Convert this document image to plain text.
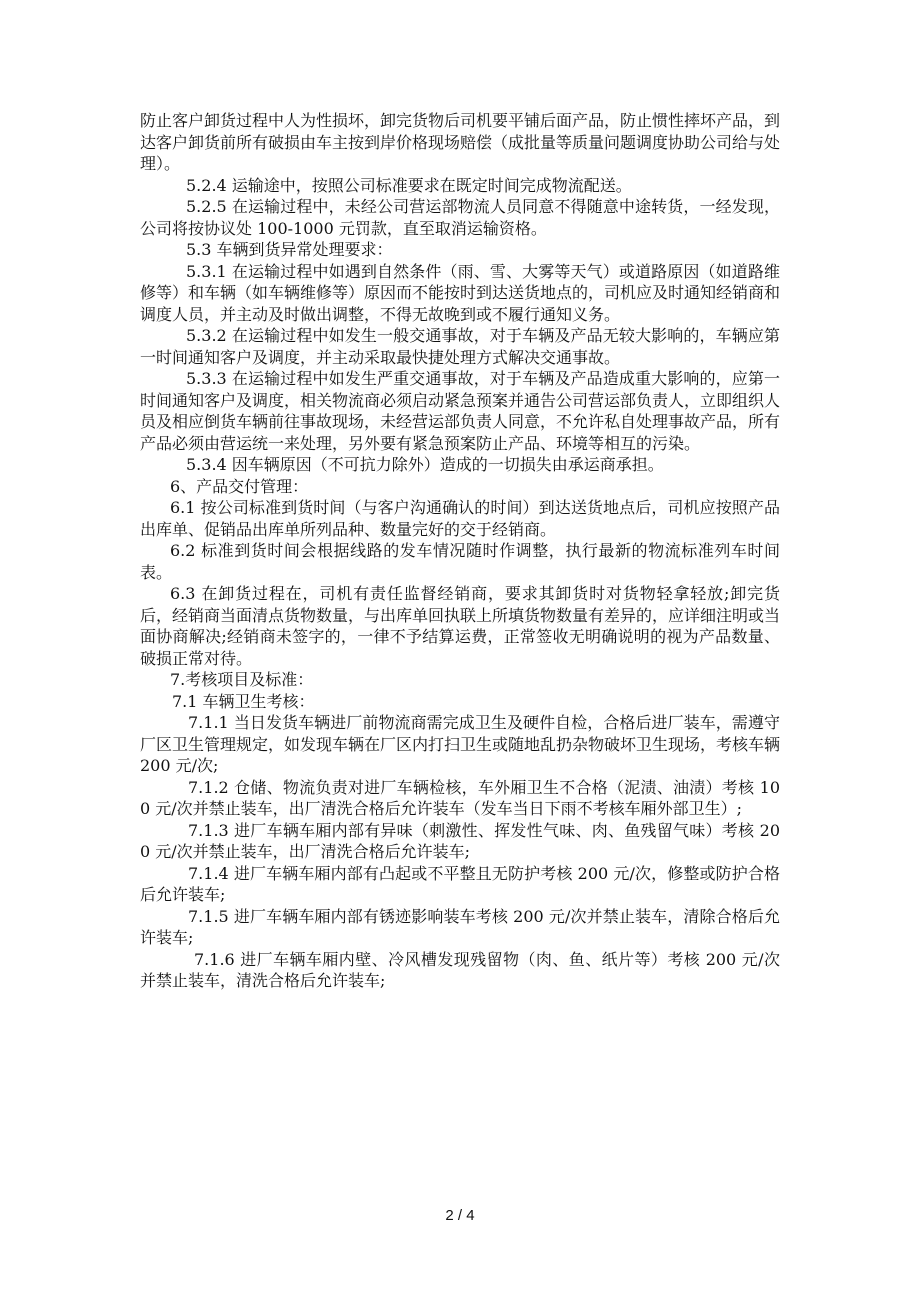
防止客户卸货过程中人为性损坏，卸完货物后司机要平铺后面产品，防止惯性摔坏产品，到达客户卸货前所有破损由车主按到岸价格现场赔偿（成批量等质量问题调度协助公司给与处理）。

5.2.4 运输途中，按照公司标准要求在既定时间完成物流配送。

5.2.5 在运输过程中，未经公司营运部物流人员同意不得随意中途转货，一经发现，公司将按协议处 100-1000 元罚款，直至取消运输资格。

5.3 车辆到货异常处理要求：

5.3.1 在运输过程中如遇到自然条件（雨、雪、大雾等天气）或道路原因（如道路维修等）和车辆（如车辆维修等）原因而不能按时到达送货地点的，司机应及时通知经销商和调度人员，并主动及时做出调整，不得无故晚到或不履行通知义务。

5.3.2 在运输过程中如发生一般交通事故，对于车辆及产品无较大影响的，车辆应第一时间通知客户及调度，并主动采取最快捷处理方式解决交通事故。

5.3.3 在运输过程中如发生严重交通事故，对于车辆及产品造成重大影响的，应第一时间通知客户及调度，相关物流商必须启动紧急预案并通告公司营运部负责人，立即组织人员及相应倒货车辆前往事故现场，未经营运部负责人同意，不允许私自处理事故产品，所有产品必须由营运统一来处理，另外要有紧急预案防止产品、环境等相互的污染。

5.3.4 因车辆原因（不可抗力除外）造成的一切损失由承运商承担。

6、产品交付管理：

6.1 按公司标准到货时间（与客户沟通确认的时间）到达送货地点后，司机应按照产品出库单、促销品出库单所列品种、数量完好的交于经销商。

6.2 标准到货时间会根据线路的发车情况随时作调整，执行最新的物流标准列车时间表。

6.3 在卸货过程在，司机有责任监督经销商，要求其卸货时对货物轻拿轻放;卸完货后，经销商当面清点货物数量，与出库单回执联上所填货物数量有差异的，应详细注明或当面协商解决;经销商未签字的，一律不予结算运费，正常签收无明确说明的视为产品数量、破损正常对待。

7.考核项目及标准：

7.1 车辆卫生考核：

7.1.1 当日发货车辆进厂前物流商需完成卫生及硬件自检，合格后进厂装车，需遵守厂区卫生管理规定，如发现车辆在厂区内打扫卫生或随地乱扔杂物破坏卫生现场，考核车辆 200 元/次;

7.1.2 仓储、物流负责对进厂车辆检核，车外厢卫生不合格（泥渍、油渍）考核 100 元/次并禁止装车，出厂清洗合格后允许装车（发车当日下雨不考核车厢外部卫生）;

7.1.3 进厂车辆车厢内部有异味（刺激性、挥发性气味、肉、鱼残留气味）考核 200 元/次并禁止装车，出厂清洗合格后允许装车;

7.1.4 进厂车辆车厢内部有凸起或不平整且无防护考核 200 元/次，修整或防护合格后允许装车;

7.1.5 进厂车辆车厢内部有锈迹影响装车考核 200 元/次并禁止装车，清除合格后允许装车;

7.1.6 进厂车辆车厢内壁、冷风槽发现残留物（肉、鱼、纸片等）考核 200 元/次并禁止装车，清洗合格后允许装车;

2 / 4
